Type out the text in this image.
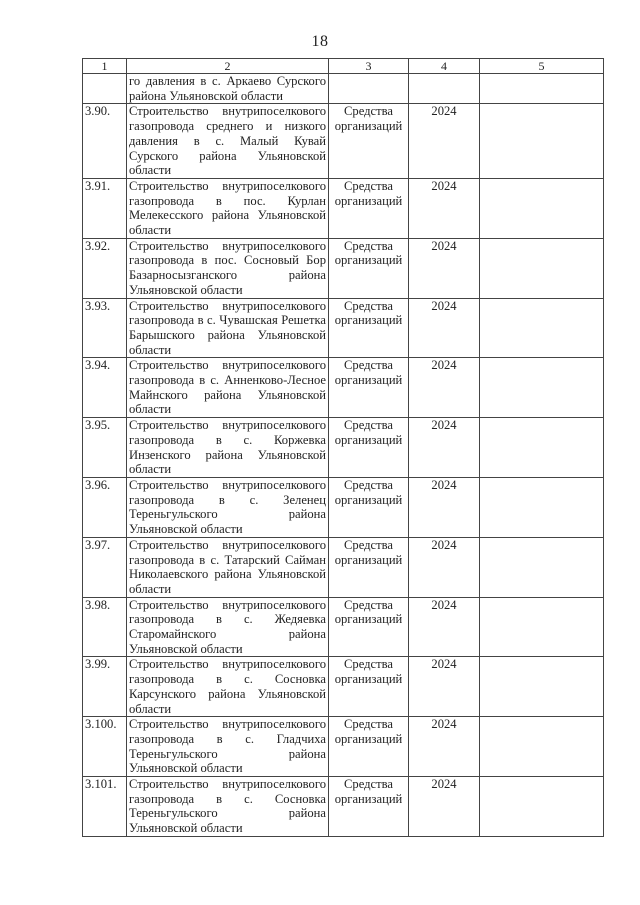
18
1	2	3	4	5
	го давления в с. Аркаево Сурского района Ульяновской области			
3.90.	Строительство внутрипоселкового газопровода среднего и низкого давления в с. Малый Кувай Сурского района Ульяновской области	Средства организаций	2024	
3.91.	Строительство внутрипоселкового газопровода в пос. Курлан Мелекесского района Ульяновской области	Средства организаций	2024	
3.92.	Строительство внутрипоселкового газопровода в пос. Сосновый Бор Базарносызганского района Ульяновской области	Средства организаций	2024	
3.93.	Строительство внутрипоселкового газопровода в с. Чувашская Решетка Барышского района Ульяновской области	Средства организаций	2024	
3.94.	Строительство внутрипоселкового газопровода в с. Анненково-Лесное Майнского района Ульяновской области	Средства организаций	2024	
3.95.	Строительство внутрипоселкового газопровода в с. Коржевка Инзенского района Ульяновской области	Средства организаций	2024	
3.96.	Строительство внутрипоселкового газопровода в с. Зеленец Тереньгульского района Ульяновской области	Средства организаций	2024	
3.97.	Строительство внутрипоселкового газопровода в с. Татарский Сайман Николаевского района Ульяновской области	Средства организаций	2024	
3.98.	Строительство внутрипоселкового газопровода в с. Жедяевка Старомайнского района Ульяновской области	Средства организаций	2024	
3.99.	Строительство внутрипоселкового газопровода в с. Сосновка Карсунского района Ульяновской области	Средства организаций	2024	
3.100.	Строительство внутрипоселкового газопровода в с. Гладчиха Тереньгульского района Ульяновской области	Средства организаций	2024	
3.101.	Строительство внутрипоселкового газопровода в с. Сосновка Тереньгульского района Ульяновской области	Средства организаций	2024	
